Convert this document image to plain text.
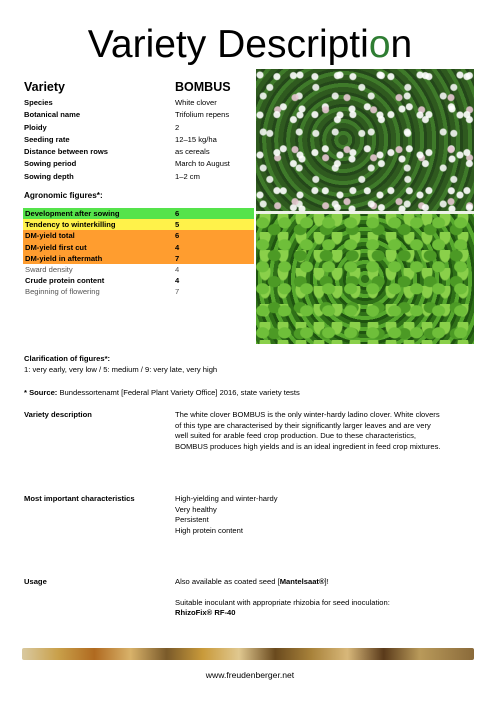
Variety Description
Variety	BOMBUS
Species	White clover
Botanical name	Trifolium repens
Ploidy	2
Seeding rate	12–15 kg/ha
Distance between rows	as cereals
Sowing period	March to August
Sowing depth	1–2 cm
Agronomic figures*:
Development after sowing	6
Tendency to winterkilling	5
DM-yield total	6
DM-yield first cut	4
DM-yield in aftermath	7
Sward density	4
Crude protein content	4
Beginning of flowering	7
Clarification of figures*:
1: very early, very low / 5: medium / 9: very late, very high
* Source: Bundessortenamt [Federal Plant Variety Office] 2016, state variety tests
Variety description	The white clover BOMBUS is the only winter-hardy ladino clover. White clovers
of this type are characterised by their significantly larger leaves and are very
well suited for arable feed crop production. Due to these characteristics,
BOMBUS produces high yields and is an ideal ingredient in feed crop mixtures.
Most important characteristics	High-yielding and winter-hardy
Very healthy
Persistent
High protein content
Usage	Also available as coated seed [Mantelsaat®]!
Suitable inoculant with appropriate rhizobia for seed inoculation:
RhizoFix® RF-40
www.freudenberger.net
